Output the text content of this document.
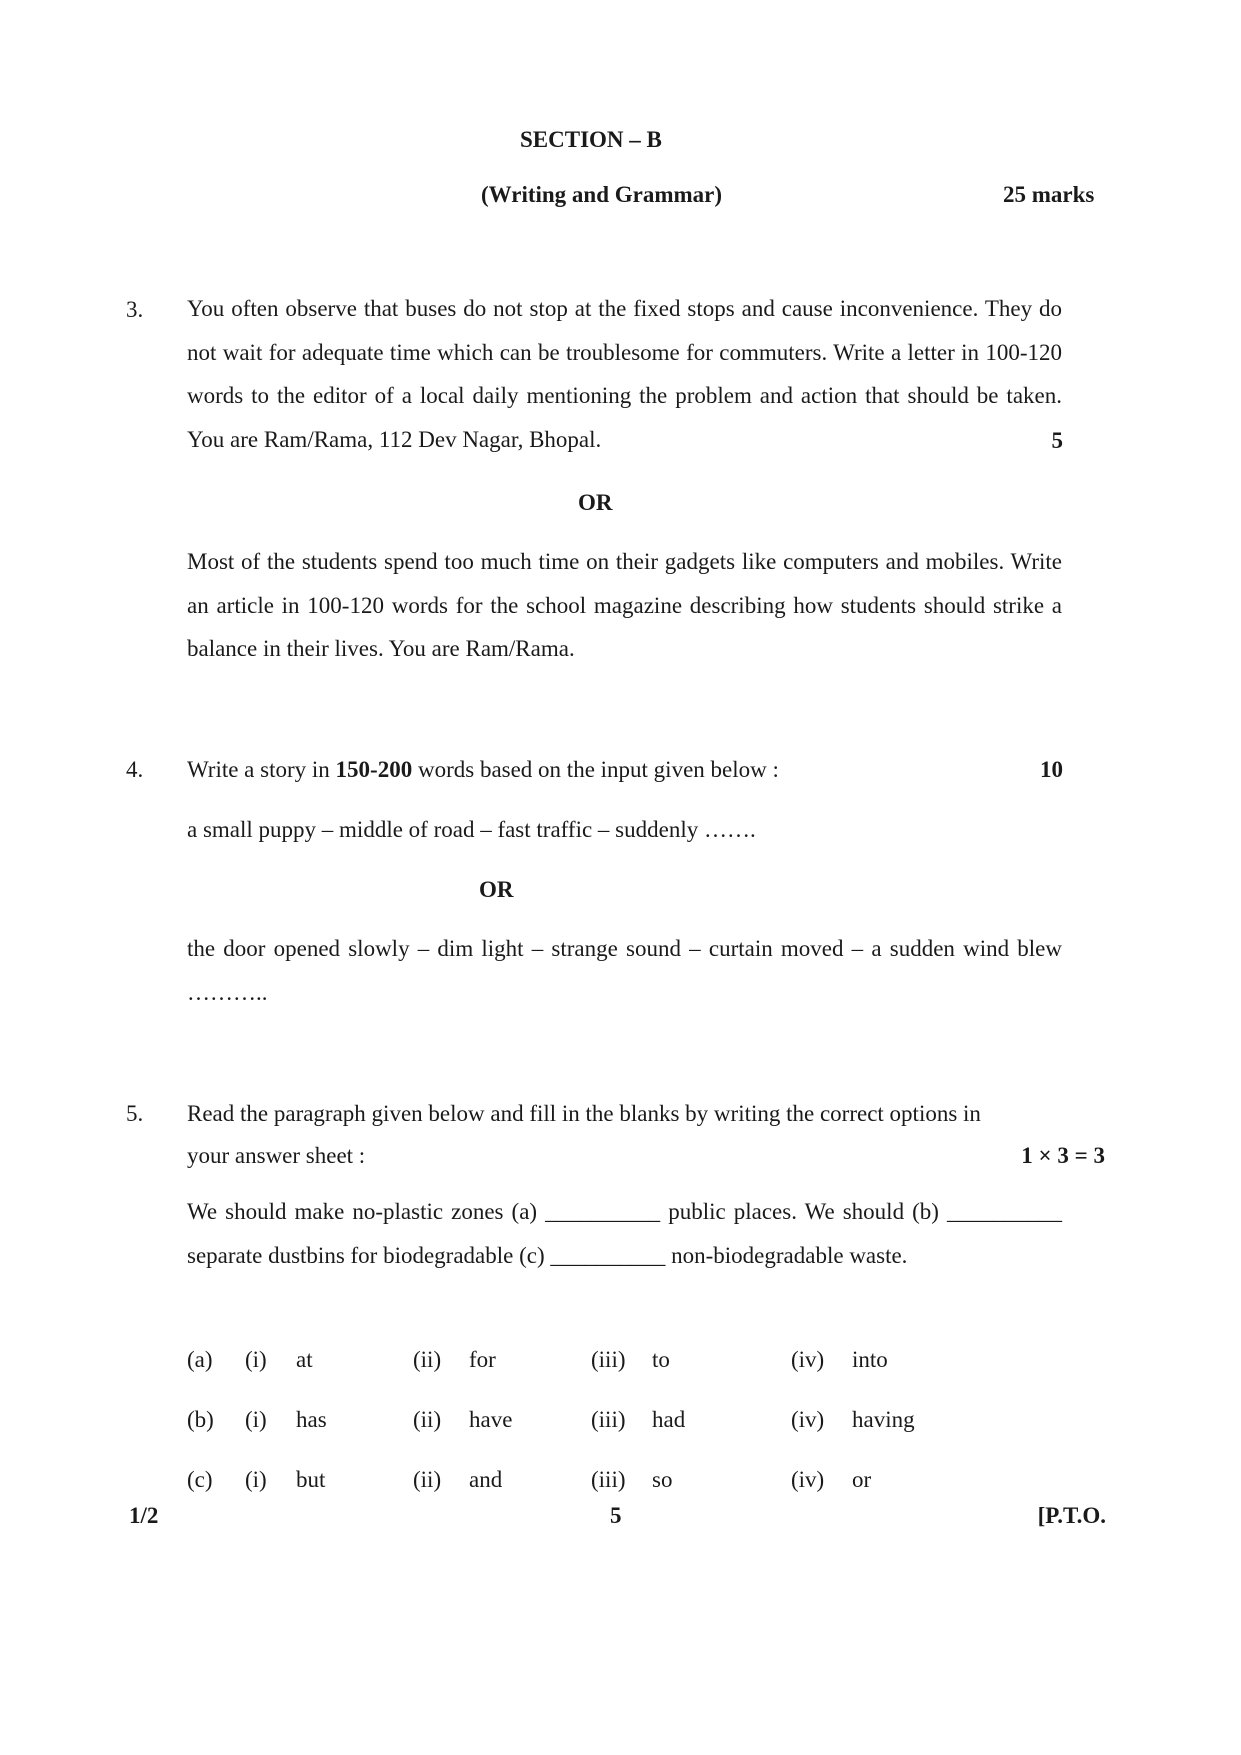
SECTION – B
(Writing and Grammar)	25 marks
3. You often observe that buses do not stop at the fixed stops and cause inconvenience. They do not wait for adequate time which can be troublesome for commuters. Write a letter in 100-120 words to the editor of a local daily mentioning the problem and action that should be taken. You are Ram/Rama, 112 Dev Nagar, Bhopal.	5
OR
Most of the students spend too much time on their gadgets like computers and mobiles. Write an article in 100-120 words for the school magazine describing how students should strike a balance in their lives. You are Ram/Rama.
4. Write a story in 150-200 words based on the input given below :	10
a small puppy – middle of road – fast traffic – suddenly …….
OR
the door opened slowly – dim light – strange sound – curtain moved – a sudden wind blew ………..
5. Read the paragraph given below and fill in the blanks by writing the correct options in
your answer sheet :	1 × 3 = 3
We should make no-plastic zones (a) __________ public places. We should (b) __________ separate dustbins for biodegradable (c) __________ non-biodegradable waste.
(a) (i) at	(ii) for	(iii) to	(iv) into
(b) (i) has	(ii) have	(iii) had	(iv) having
(c) (i) but	(ii) and	(iii) so	(iv) or
1/2	5	[P.T.O.
